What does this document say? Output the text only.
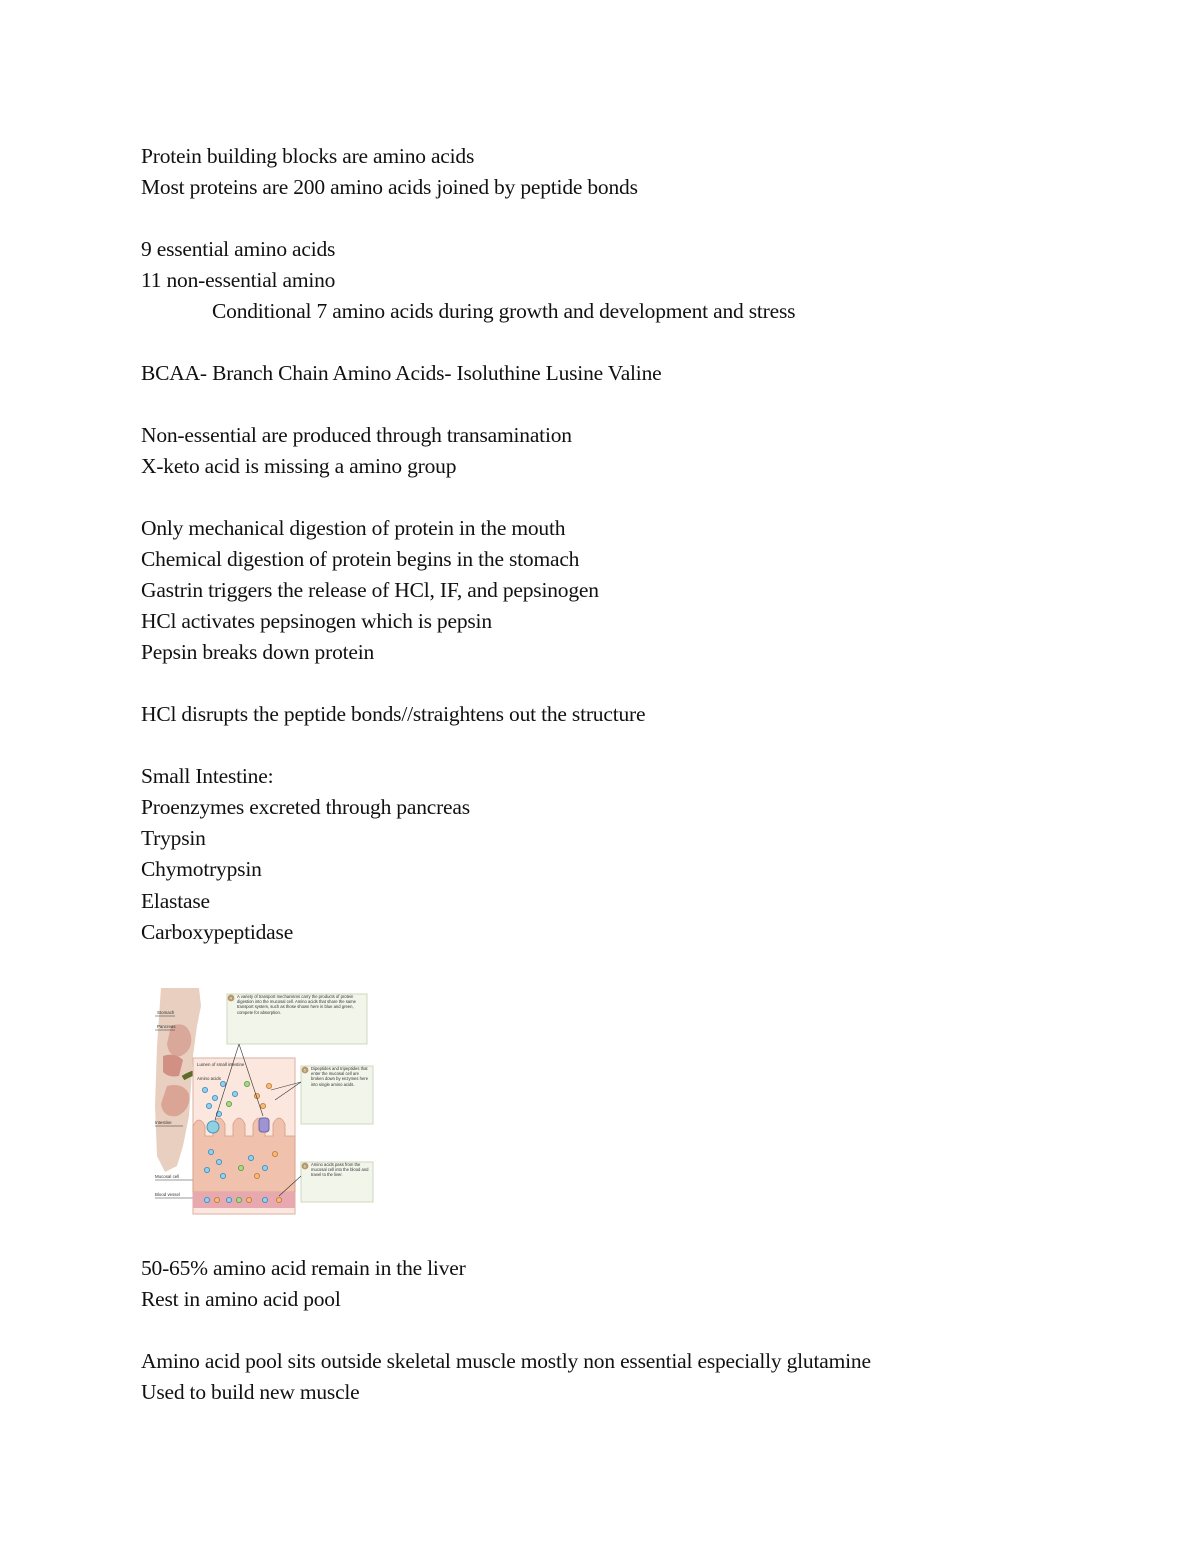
Protein building blocks are amino acids
Most proteins are 200 amino acids joined by peptide bonds
9 essential amino acids
11 non-essential amino
Conditional 7 amino acids during growth and development and stress
BCAA- Branch Chain Amino Acids- Isoluthine Lusine Valine
Non-essential are produced through transamination
X-keto acid is missing a amino group
Only mechanical digestion of protein in the mouth
Chemical digestion of protein begins in the stomach
Gastrin triggers the release of HCl, IF, and pepsinogen
HCl activates pepsinogen which is pepsin
Pepsin breaks down protein
HCl disrupts the peptide bonds//straightens out the structure
Small Intestine:
Proenzymes excreted through pancreas
Trypsin
Chymotrypsin
Elastase
Carboxypeptidase
Stomach
Pancreas
Intestine
Lumen of small intestine
Amino acids
Mucosal cell
Blood vessel
4
5
6
A variety of transport mechanisms carry the products of protein digestion into the mucosal cell. Amino acids that share the same transport system, such as those shown here in blue and green, compete for absorption.
Dipeptides and tripeptides that enter the mucosal cell are broken down by enzymes here into single amino acids.
Amino acids pass from the mucosal cell into the blood and travel to the liver.
50-65% amino acid remain in the liver
Rest in amino acid pool
Amino acid pool sits outside skeletal muscle mostly non essential especially glutamine
Used to build new muscle
